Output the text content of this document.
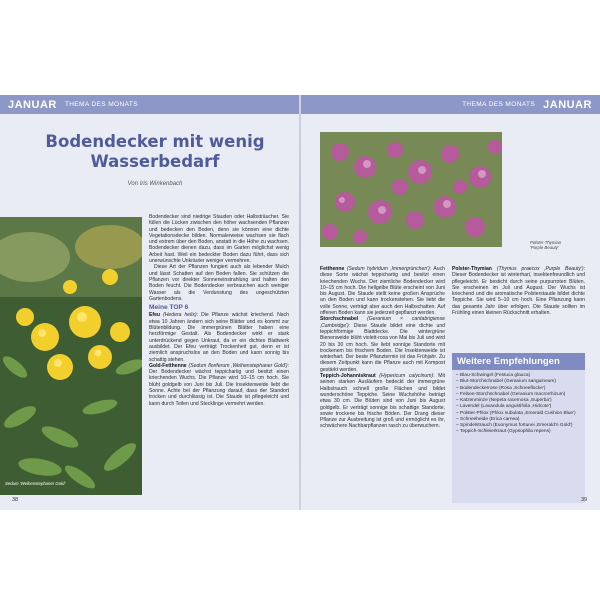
JANUAR THEMA DES MONATS	THEMA DES MONATS JANUAR
Bodendecker mit wenig
Wasserbedarf
Von Iris Winkenbach
Sedum 'Weihenstephaner Gold'

Bodendecker sind niedrige Stauden oder Halbsträucher. Sie füllen die Lücken zwischen den höher wachsenden Pflanzen und bedecken den Boden, denn sie können eine dichte Vegetationsdecke bilden. Normalerweise wachsen sie flach und extrem über den Boden, anstatt in die Höhe zu wachsen. Bodendecker dienen dazu, dass im Garten möglichst wenig Arbeit hast. Weil ein bedeckter Boden dazu führt, dass sich unerwünschte Unkräuter weniger vermehren.

Diese Art der Pflanzen fungiert auch als lebender Mulch und lässt Schatten auf den Boden fallen. Sie schützen die Pflanzen vor direkter Sonneneinstrahlung und halten den Boden feucht. Die Bodendecker verbrauchen auch weniger Wasser als die Verdunstung des ungeschützten Gartenbodens.

Meine TOP 6

Efeu (Hedera helix): Die Pflanze wächst kriechend. Nach etwa 10 Jahren ändern sich seine Blätter und es kommt zur Blütenbildung. Die immergrünen Blätter haben eine herzförmige Gestalt. Als Bodendecker wirkt er stark unterdrückend gegen Unkraut, da er ein dichtes Blattwerk ausbildet. Der Efeu verträgt Trockenheit gut, denn er ist ziemlich anspruchslos an den Boden und kann sonnig bis schattig stehen.

Gold-Fetthenne (Sedum floriferum ‚Weihenstephaner Gold'): Der Bodendecker wächst teppichartig und besitzt einen kriechenden Wuchs. Die Pflanze wird 10–15 cm hoch. Sie blüht goldgelb von Juni bis Juli. Die Insektenweide liebt die Sonne. Achte bei der Pflanzung darauf, dass der Standort trocken und durchlässig ist. Die Staude ist pflegeleicht und kann durch Teilen und Stecklinge vermehrt werden.

38
Polster-Thymian
'Purple Beauty'

Fetthenne (Sedum hybridum ‚Immergrünchen'): Auch diese Sorte wächst teppichartig und besitzt einen kriechenden Wuchs. Der ziemliche Bodendecker wird 10–15 cm hoch. Die hellgelbe Blüte erscheint von Juni bis August. Die Staude stellt keine großen Ansprüche an den Boden und kann trockenstehen. Sie liebt die volle Sonne, verträgt aber auch den Halbschatten. Auf offenen Boden kann sie jederzeit gepflanzt werden.

Storchschnabel (Geranium × cantabrigiense ‚Cambridge'): Diese Staude bildet eine dichte und teppichförmige Blattdecke. Die wintergrüne Bienenweide blüht violett-rosa von Mai bis Juli und wird 20 bis 30 cm hoch. Sie liebt sonnige Standorte mit trockenem bis frischem Boden. Die Insektenweide ist winterhart. Der beste Pflanztermin ist das Frühjahr. Zu diesem Zeitpunkt kann die Pflanze auch mit Kompost gestärkt werden.

Teppich-Johanniskraut (Hypericum calycinum): Mit seinen starken Ausläufern bedeckt der immergrüne Halbstrauch schnell große Flächen und bildet wunderschöne Teppiche. Seine Wuchshöhe beträgt etwa 30 cm. Die Blüten sind von Juni bis August goldgelb. Er verträgt sonnige bis schattige Standorte, sowie trockene bis frische Böden. Der Drang dieser Pflanze zur Ausbreitung ist groß und ermöglicht es ihr, schwächere Nachbarpflanzen rasch zu überwuchern.

Polster-Thymian (Thymus praecox ‚Purple Beauty'): Dieser Bodendecker ist winterhart, insektenfreundlich und pflegeleicht. Er besticht durch seine purpurroten Blüten. Sie erscheinen im Juli und August. Der Wuchs ist kriechend und die aromatische Polsterstaude bildet dichte Teppiche. Sie wird 5–10 cm hoch. Eine Pflanzung kann das gesamte Jahr über erfolgen. Die Staude sollten im Frühling einen kleinen Rückschnitt erhalten.

Weitere Empfehlungen
– Blau-Schwingel (Festuca glauca)
– Blut-Storchschnabel (Geranium sanguineum)
– Bodendeckerrose (Rosa ‚Schneeflocke')
– Felsen-Storchschnabel (Geranium macrorrhizum)
– Katzenminze (Nepeta racemosa ‚Superba')
– Lavendel (Lavandula angustifolia ‚Hidcote')
– Polster-Phlox (Phlox subulata ‚Emerald Cushion Blue')
– Schneeheide (Erica carnea)
– Spindelstrauch (Euonymus fortunei ‚Emerald'n Gold')
– Teppich-Schleierkraut (Gypsophila repens)
39
